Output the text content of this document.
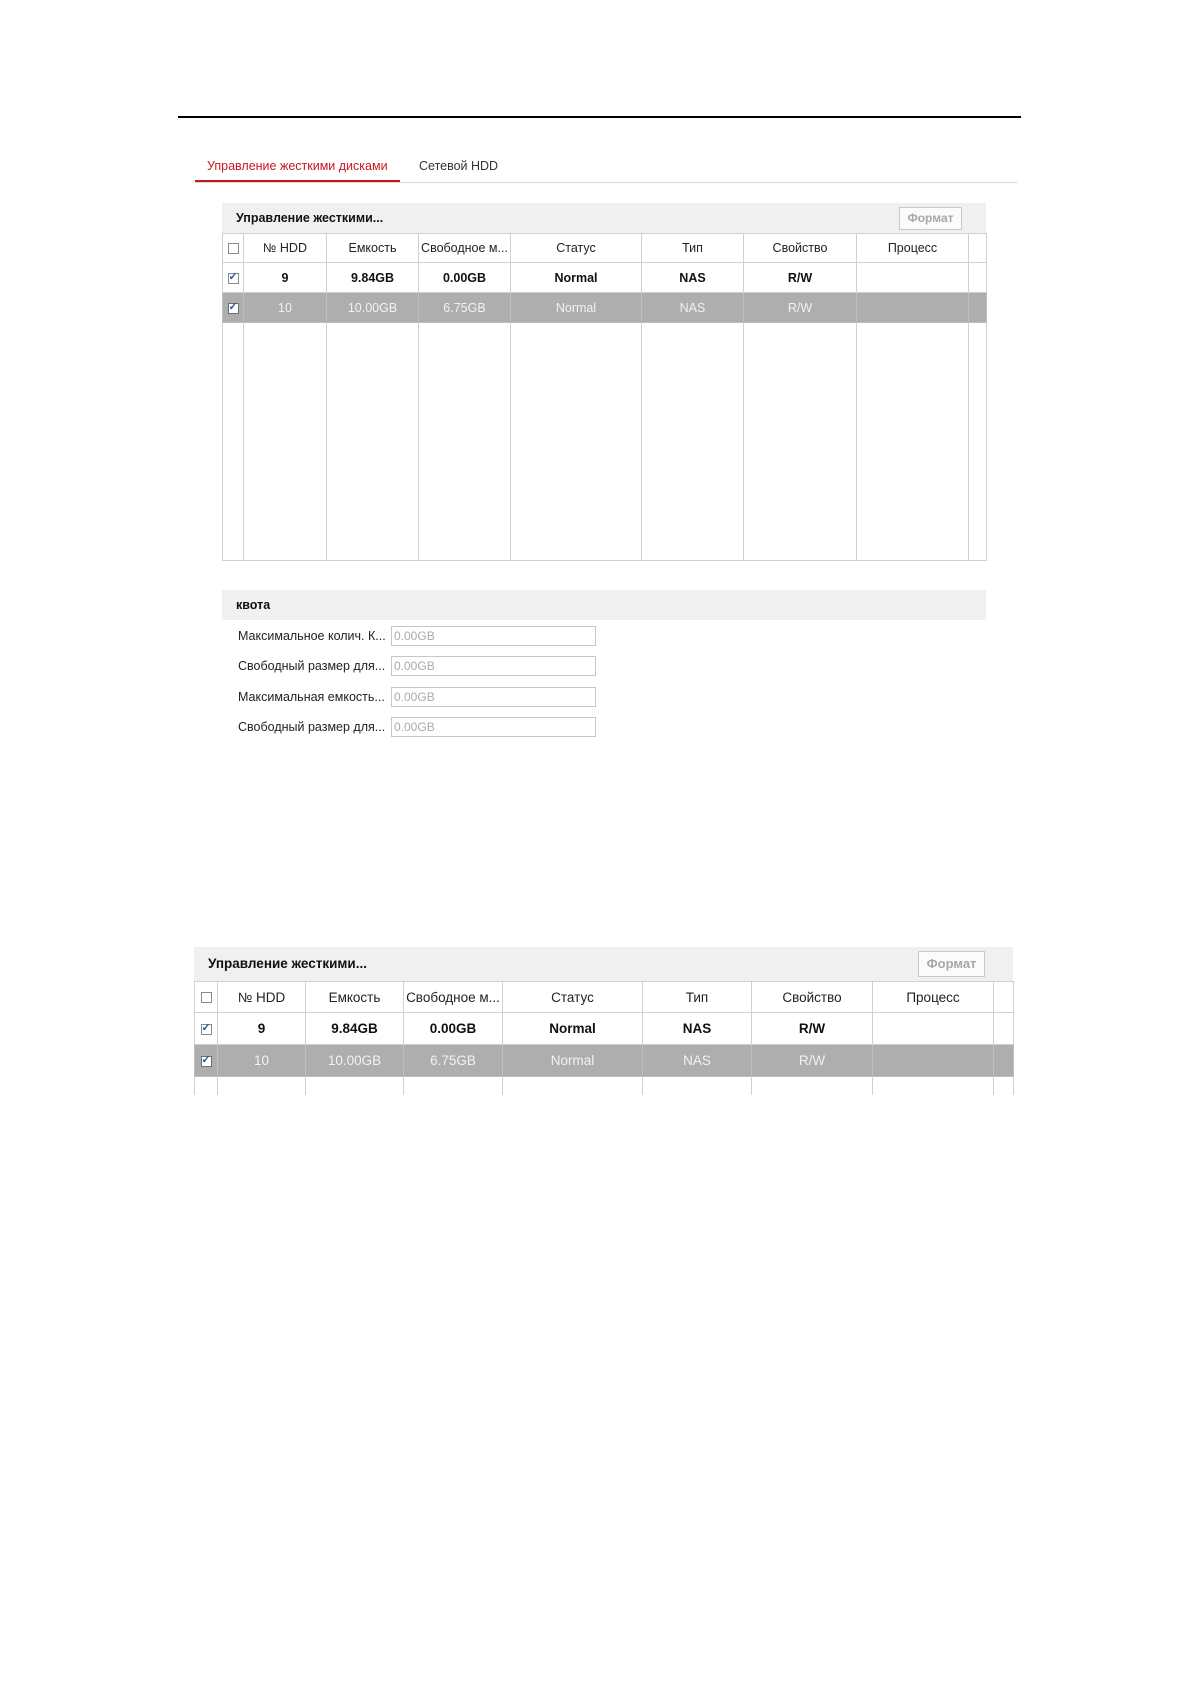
Управление жесткими дисками	Сетевой HDD
Управление жесткими...	Формат
	№ HDD	Емкость	Свободное м...	Статус	Тип	Свойство	Процесс	
✓	9	9.84GB	0.00GB	Normal	NAS	R/W		
✓	10	10.00GB	6.75GB	Normal	NAS	R/W		

квота
Максимальное колич. К...
0.00GB
Свободный размер для...
0.00GB
Максимальная емкость...
0.00GB
Свободный размер для...
0.00GB
Управление жесткими...	Формат
	№ HDD	Емкость	Свободное м...	Статус	Тип	Свойство	Процесс	
✓	9	9.84GB	0.00GB	Normal	NAS	R/W		
✓	10	10.00GB	6.75GB	Normal	NAS	R/W		
